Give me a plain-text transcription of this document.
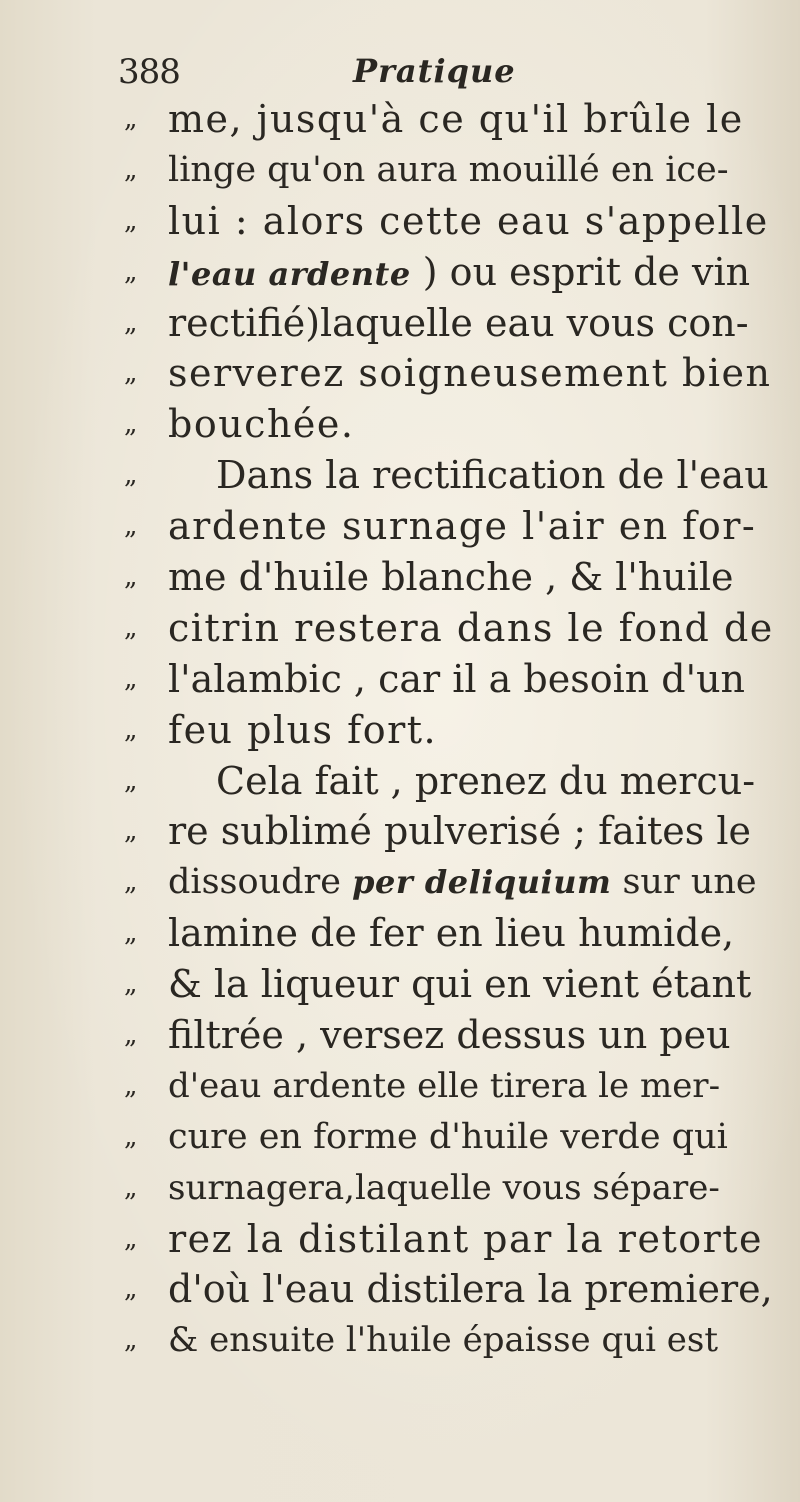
388	Pratique
„ me, jusqu'à ce qu'il brûle le
„ linge qu'on aura mouillé en ice-
„ lui : alors cette eau s'appelle
„ l'eau ardente ) ou esprit de vin
„ rectifié)laquelle eau vous con-
„ serverez soigneusement bien
„ bouchée.
„ Dans la rectification de l'eau
„ ardente surnage l'air en for-
„ me d'huile blanche , & l'huile
„ citrin restera dans le fond de
„ l'alambic , car il a besoin d'un
„ feu plus fort.
„ Cela fait , prenez du mercu-
„ re sublimé pulverisé ; faites le
„ dissoudre per deliquium sur une
„ lamine de fer en lieu humide,
„ & la liqueur qui en vient étant
„ filtrée , versez dessus un peu
„ d'eau ardente elle tirera le mer-
„ cure en forme d'huile verde qui
„ surnagera,laquelle vous sépare-
„ rez la distilant par la retorte
„ d'où l'eau distilera la premiere,
„ & ensuite l'huile épaisse qui est
